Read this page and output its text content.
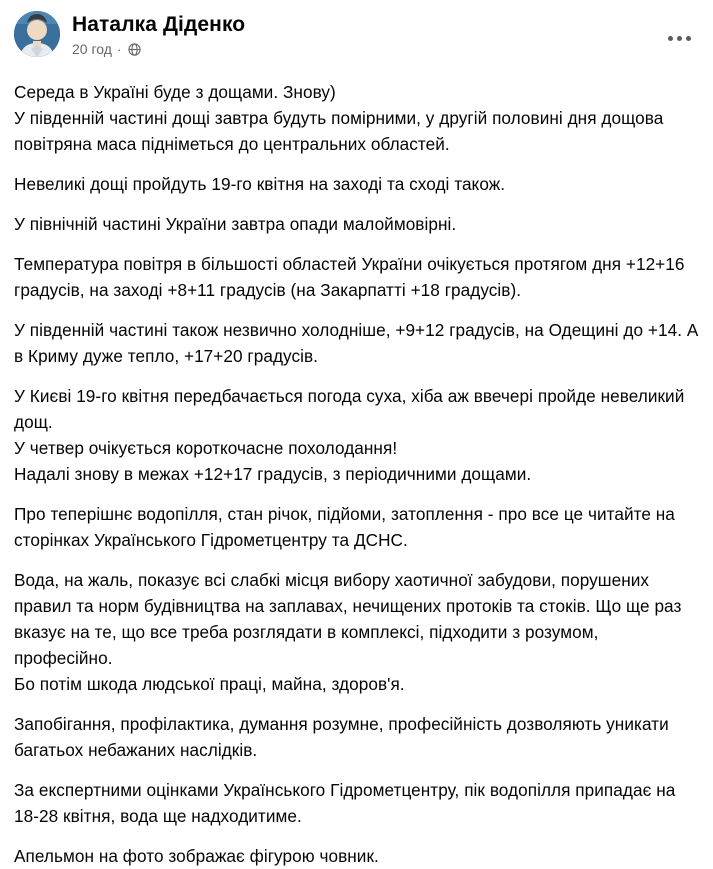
Наталка Діденко
20 год ·

Середа в Україні буде з дощами. Знову)

У південній частині дощі завтра будуть помірними, у другій половині дня дощова повітряна маса підніметься до центральних областей.

Невеликі дощі пройдуть 19-го квітня на заході та сході також.

У північній частині України завтра опади малоймовірні.

Температура повітря в більшості областей України очікується протягом дня +12+16 градусів, на заході +8+11 градусів (на Закарпатті +18 градусів).

У південній частині також незвично холодніше, +9+12 градусів, на Одещині до +14. А в Криму дуже тепло, +17+20 градусів.

У Києві 19-го квітня передбачається погода суха, хіба аж ввечері пройде невеликий дощ.

У четвер очікується короткочасне похолодання!

Надалі знову в межах +12+17 градусів, з періодичними дощами.

Про теперішнє водопілля, стан річок, підйоми, затоплення - про все це читайте на сторінках Українського Гідрометцентру та ДСНС.

Вода, на жаль, показує всі слабкі місця вибору хаотичної забудови, порушених правил та норм будівництва на заплавах, нечищених протоків та стоків. Що ще раз вказує на те, що все треба розглядати в комплексі, підходити з розумом, професійно.

Бо потім шкода людської праці, майна, здоров'я.

Запобігання, профілактика, думання розумне, професійність дозволяють уникати багатьох небажаних наслідків.

За експертними оцінками Українського Гідрометцентру, пік водопілля припадає на 18-28 квітня, вода ще надходитиме.

Апельмон на фото зображає фігурою човник.
